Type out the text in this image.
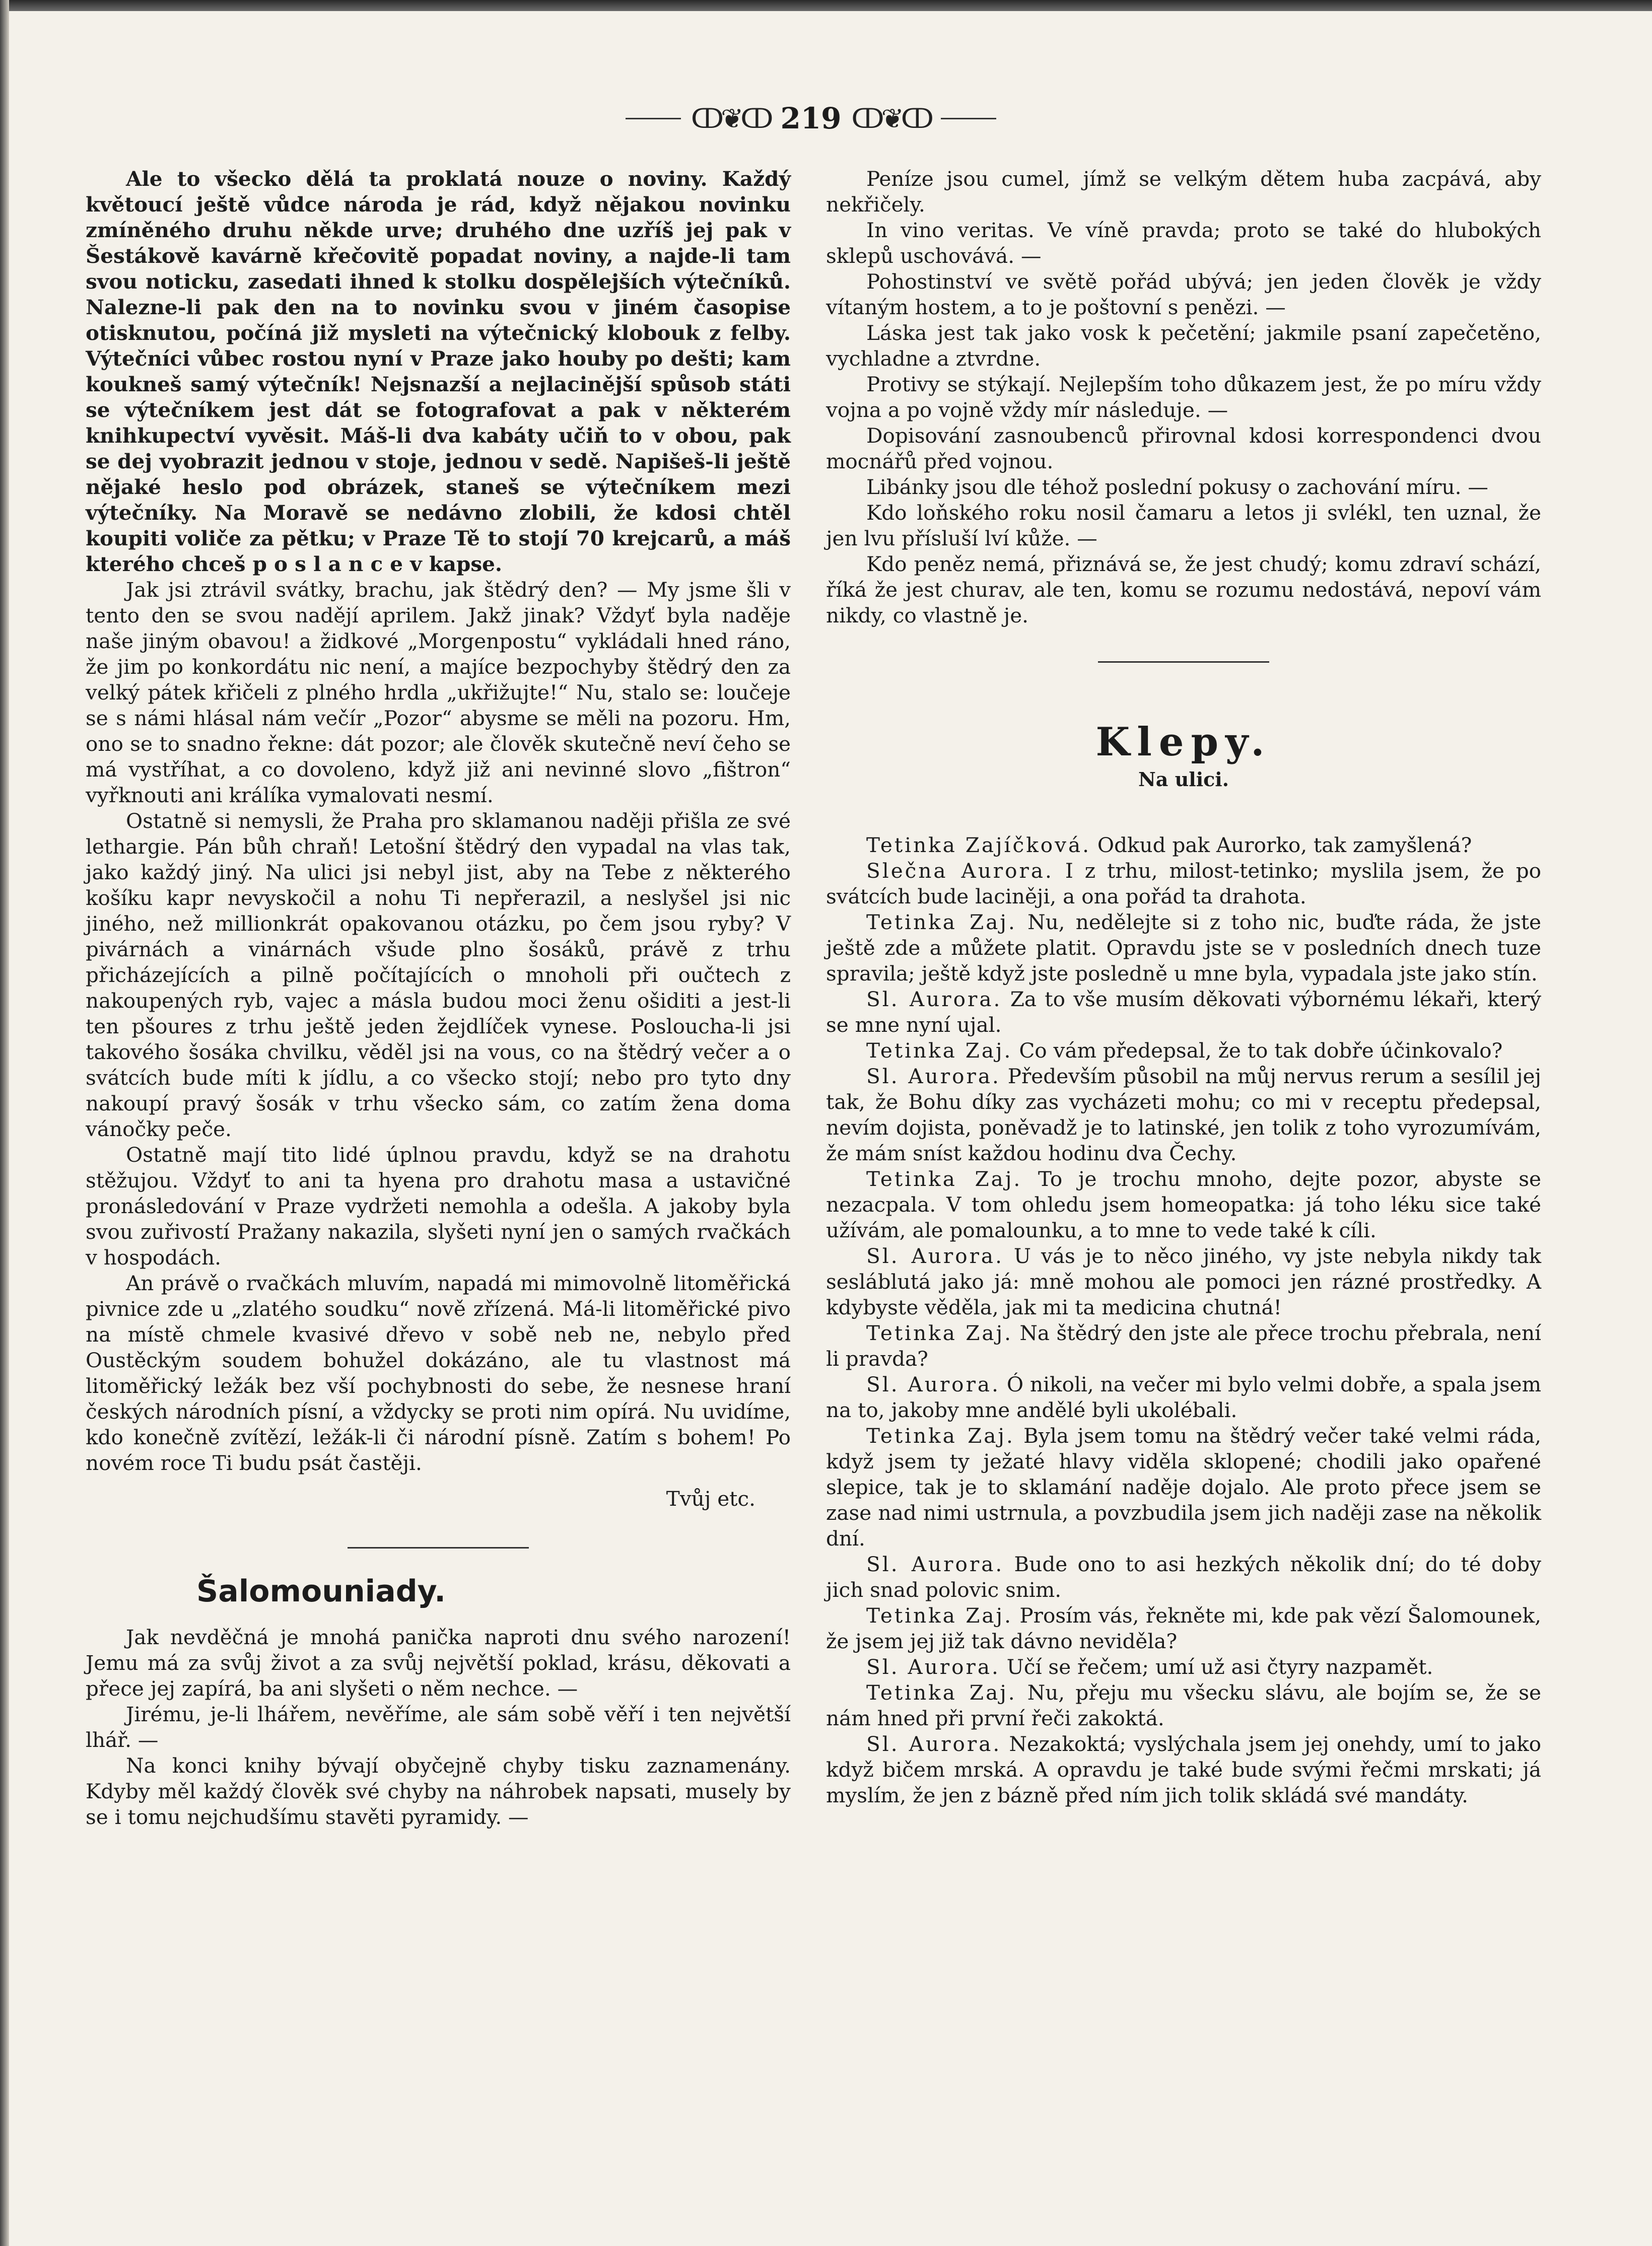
ↀ❦ↀ 219 ↀ❦ↀ

Ale to všecko dělá ta proklatá nouze o noviny. Každý květoucí ještě vůdce národa je rád, když nějakou novinku zmíněného druhu někde urve; druhého dne uzříš jej pak v Šestákově kavárně křečovitě popadat noviny, a najde-li tam svou noticku, zasedati ihned k stolku dospělejších výtečníků. Nalezne-li pak den na to novinku svou v jiném časopise otisknutou, počíná již mysleti na výtečnický klobouk z felby. Výtečníci vůbec rostou nyní v Praze jako houby po dešti; kam koukneš samý výtečník! Nejsnazší a nejlacinější spůsob státi se výtečníkem jest dát se fotografovat a pak v některém knihkupectví vyvěsit. Máš-li dva kabáty učiň to v obou, pak se dej vyobrazit jednou v stoje, jednou v sedě. Napišeš-li ještě nějaké heslo pod obrázek, staneš se výtečníkem mezi výtečníky. Na Moravě se nedávno zlobili, že kdosi chtěl koupiti voliče za pětku; v Praze Tě to stojí 70 krejcarů, a máš kterého chceš p o s l a n c e v kapse.

Jak jsi ztrávil svátky, brachu, jak štědrý den? — My jsme šli v tento den se svou nadějí aprilem. Jakž jinak? Vždyť byla naděje naše jiným obavou! a židkové „Morgenpostu“ vykládali hned ráno, že jim po konkordátu nic není, a majíce bezpochyby štědrý den za velký pátek křičeli z plného hrdla „ukřižujte!“ Nu, stalo se: loučeje se s námi hlásal nám večír „Pozor“ abysme se měli na pozoru. Hm, ono se to snadno řekne: dát pozor; ale člověk skutečně neví čeho se má vystříhat, a co dovoleno, když již ani nevinné slovo „fištron“ vyřknouti ani králíka vymalovati nesmí.

Ostatně si nemysli, že Praha pro sklamanou naději přišla ze své lethargie. Pán bůh chraň! Letošní štědrý den vypadal na vlas tak, jako každý jiný. Na ulici jsi nebyl jist, aby na Tebe z některého košíku kapr nevyskočil a nohu Ti nepřerazil, a neslyšel jsi nic jiného, než millionkrát opakovanou otázku, po čem jsou ryby? V pivárnách a vinárnách všude plno šosáků, právě z trhu přicházejících a pilně počítajících o mnoholi při oučtech z nakoupených ryb, vajec a másla budou moci ženu ošiditi a jest-li ten pšoures z trhu ještě jeden žejdlíček vynese. Posloucha-li jsi takového šosáka chvilku, věděl jsi na vous, co na štědrý večer a o svátcích bude míti k jídlu, a co všecko stojí; nebo pro tyto dny nakoupí pravý šosák v trhu všecko sám, co zatím žena doma vánočky peče.

Ostatně mají tito lidé úplnou pravdu, když se na drahotu stěžujou. Vždyť to ani ta hyena pro drahotu masa a ustavičné pronásledování v Praze vydržeti nemohla a odešla. A jakoby byla svou zuřivostí Pražany nakazila, slyšeti nyní jen o samých rvačkách v hospodách.

An právě o rvačkách mluvím, napadá mi mimovolně litoměřická pivnice zde u „zlatého soudku“ nově zřízená. Má-li litoměřické pivo na místě chmele kvasivé dřevo v sobě neb ne, nebylo před Oustěckým soudem bohužel dokázáno, ale tu vlastnost má litoměřický ležák bez vší pochybnosti do sebe, že nesnese hraní českých národních písní, a vždycky se proti nim opírá. Nu uvidíme, kdo konečně zvítězí, ležák-li či národní písně. Zatím s bohem! Po novém roce Ti budu psát častěji.

Tvůj etc.
Šalomouniady.

Jak nevděčná je mnohá panička naproti dnu svého narození! Jemu má za svůj život a za svůj největší poklad, krásu, děkovati a přece jej zapírá, ba ani slyšeti o něm nechce. —

Jirému, je-li lhářem, nevěříme, ale sám sobě věří i ten největší lhář. —

Na konci knihy bývají obyčejně chyby tisku zaznamenány. Kdyby měl každý člověk své chyby na náhrobek napsati, musely by se i tomu nejchudšímu stavěti pyramidy. —

Peníze jsou cumel, jímž se velkým dětem huba zacpává, aby nekřičely.

In vino veritas. Ve víně pravda; proto se také do hlubokých sklepů uschovává. —

Pohostinství ve světě pořád ubývá; jen jeden člověk je vždy vítaným hostem, a to je poštovní s penězi. —

Láska jest tak jako vosk k pečetění; jakmile psaní zapečetěno, vychladne a ztvrdne.

Protivy se stýkají. Nejlepším toho důkazem jest, že po míru vždy vojna a po vojně vždy mír následuje. —

Dopisování zasnoubenců přirovnal kdosi korrespondenci dvou mocnářů před vojnou.

Libánky jsou dle téhož poslední pokusy o zachování míru. —

Kdo loňského roku nosil čamaru a letos ji svlékl, ten uznal, že jen lvu přísluší lví kůže. —

Kdo peněz nemá, přiznává se, že jest chudý; komu zdraví schází, říká že jest churav, ale ten, komu se rozumu nedostává, nepoví vám nikdy, co vlastně je.

Klepy.
Na ulici.

Tetinka Zajíčková. Odkud pak Aurorko, tak zamyšlená?

Slečna Aurora. I z trhu, milost-tetinko; myslila jsem, že po svátcích bude laciněji, a ona pořád ta drahota.

Tetinka Zaj. Nu, nedělejte si z toho nic, buďte ráda, že jste ještě zde a můžete platit. Opravdu jste se v posledních dnech tuze spravila; ještě když jste posledně u mne byla, vypadala jste jako stín.

Sl. Aurora. Za to vše musím děkovati výbornému lékaři, který se mne nyní ujal.

Tetinka Zaj. Co vám předepsal, že to tak dobře účinkovalo?

Sl. Aurora. Především působil na můj nervus rerum a sesílil jej tak, že Bohu díky zas vycházeti mohu; co mi v receptu předepsal, nevím dojista, poněvadž je to latinské, jen tolik z toho vyrozumívám, že mám sníst každou hodinu dva Čechy.

Tetinka Zaj. To je trochu mnoho, dejte pozor, abyste se nezacpala. V tom ohledu jsem homeopatka: já toho léku sice také užívám, ale pomalounku, a to mne to vede také k cíli.

Sl. Aurora. U vás je to něco jiného, vy jste nebyla nikdy tak sesláblutá jako já: mně mohou ale pomoci jen rázné prostředky. A kdybyste věděla, jak mi ta medicina chutná!

Tetinka Zaj. Na štědrý den jste ale přece trochu přebrala, není li pravda?

Sl. Aurora. Ó nikoli, na večer mi bylo velmi dobře, a spala jsem na to, jakoby mne andělé byli ukolébali.

Tetinka Zaj. Byla jsem tomu na štědrý večer také velmi ráda, když jsem ty ježaté hlavy viděla sklopené; chodili jako opařené slepice, tak je to sklamání naděje dojalo. Ale proto přece jsem se zase nad nimi ustrnula, a povzbudila jsem jich naději zase na několik dní.

Sl. Aurora. Bude ono to asi hezkých několik dní; do té doby jich snad polovic snim.

Tetinka Zaj. Prosím vás, řekněte mi, kde pak vězí Šalomounek, že jsem jej již tak dávno neviděla?

Sl. Aurora. Učí se řečem; umí už asi čtyry nazpamět.

Tetinka Zaj. Nu, přeju mu všecku slávu, ale bojím se, že se nám hned při první řeči zakoktá.

Sl. Aurora. Nezakoktá; vyslýchala jsem jej onehdy, umí to jako když bičem mrská. A opravdu je také bude svými řečmi mrskati; já myslím, že jen z bázně před ním jich tolik skládá své mandáty.
